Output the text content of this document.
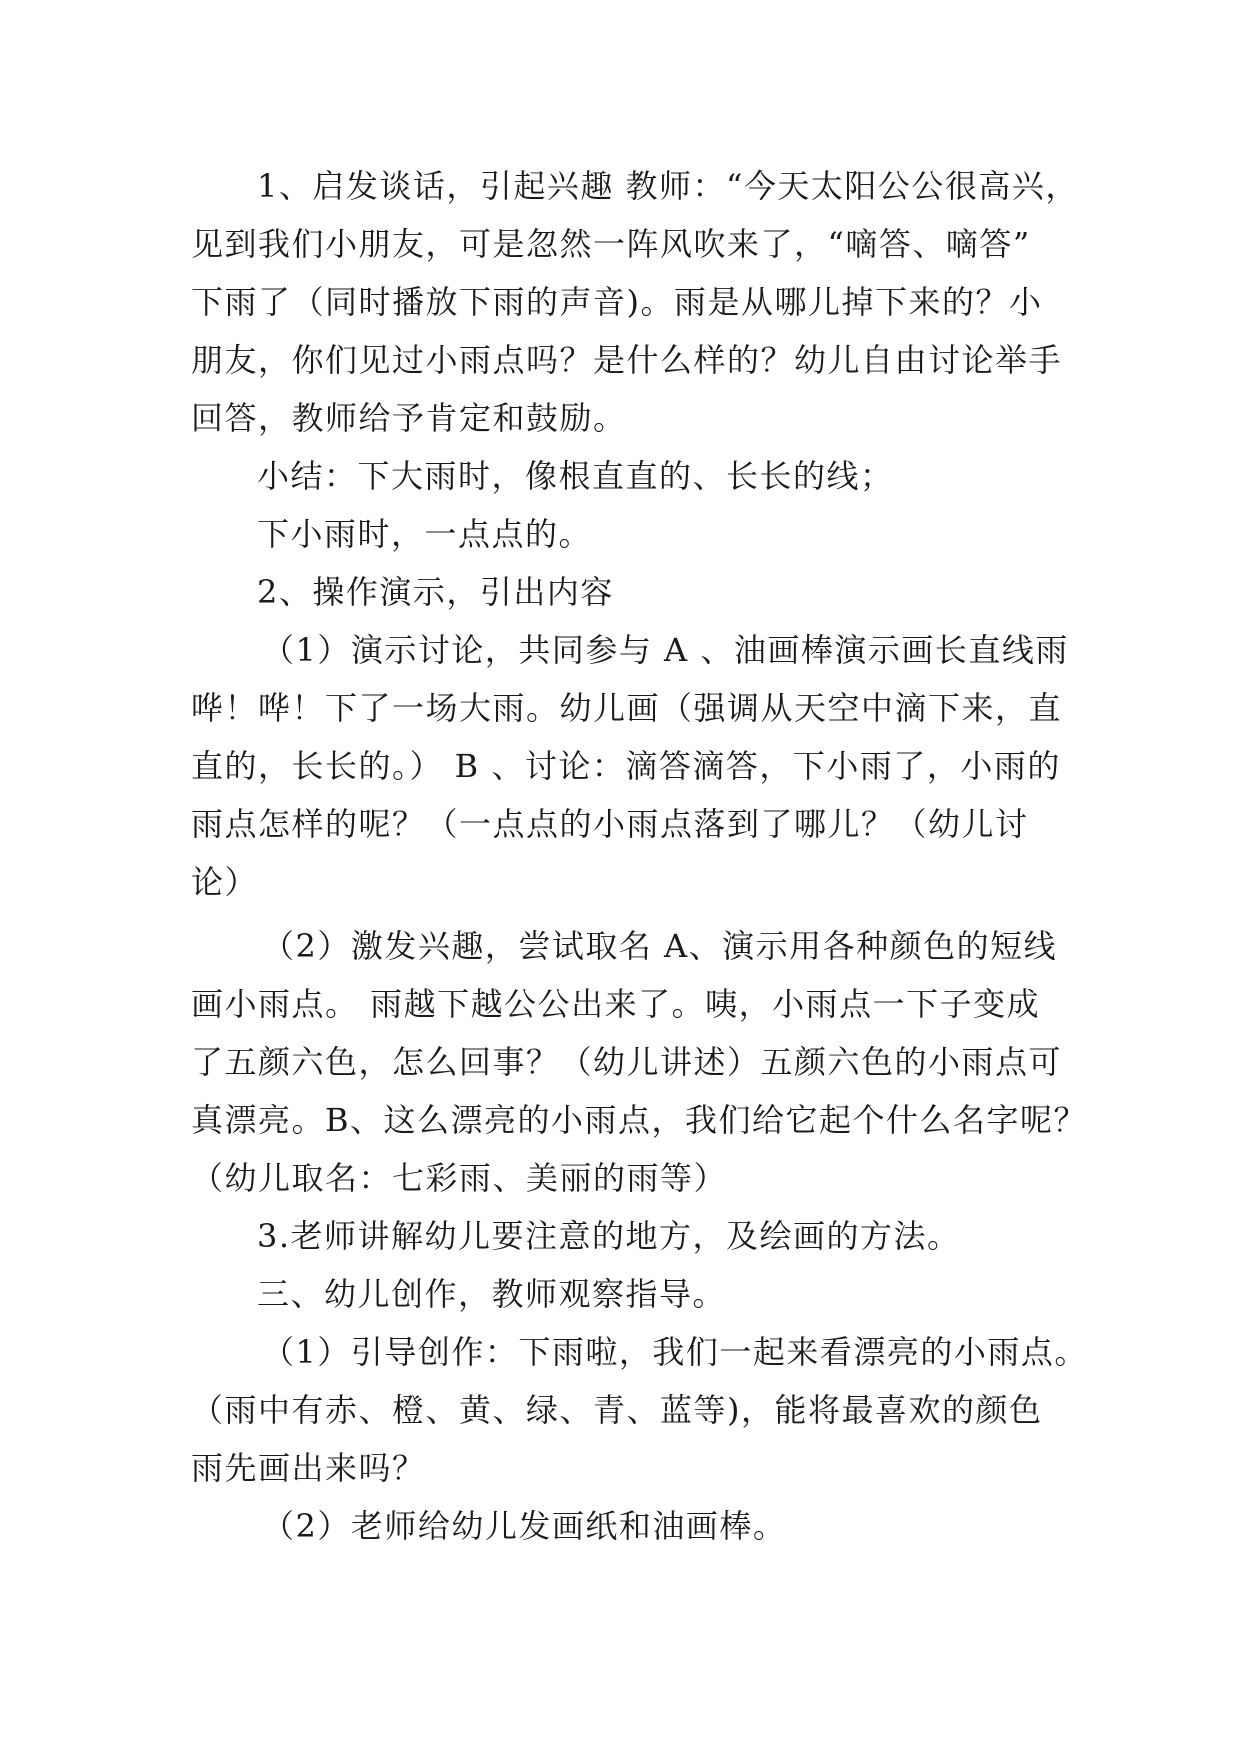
1、启发谈话，引起兴趣 教师：“今天太阳公公很高兴，
见到我们小朋友，可是忽然一阵风吹来了，“嘀答、嘀答”
下雨了（同时播放下雨的声音)。雨是从哪儿掉下来的？小
朋友，你们见过小雨点吗？是什么样的？幼儿自由讨论举手
回答，教师给予肯定和鼓励。
小结：下大雨时，像根直直的、长长的线；
下小雨时，一点点的。
2、操作演示，引出内容
（1）演示讨论，共同参与 A 、油画棒演示画长直线雨
哗！哗！下了一场大雨。幼儿画（强调从天空中滴下来，直
直的，长长的。） B 、讨论：滴答滴答，下小雨了，小雨的
雨点怎样的呢？（一点点的小雨点落到了哪儿？（幼儿讨
论）
（2）激发兴趣，尝试取名 A、演示用各种颜色的短线
画小雨点。 雨越下越公公出来了。咦，小雨点一下子变成
了五颜六色，怎么回事？（幼儿讲述）五颜六色的小雨点可
真漂亮。B、这么漂亮的小雨点，我们给它起个什么名字呢？
（幼儿取名：七彩雨、美丽的雨等）
3.老师讲解幼儿要注意的地方，及绘画的方法。
三、幼儿创作，教师观察指导。
（1）引导创作：下雨啦，我们一起来看漂亮的小雨点。
（雨中有赤、橙、黄、绿、青、蓝等)，能将最喜欢的颜色
雨先画出来吗？
（2）老师给幼儿发画纸和油画棒。
